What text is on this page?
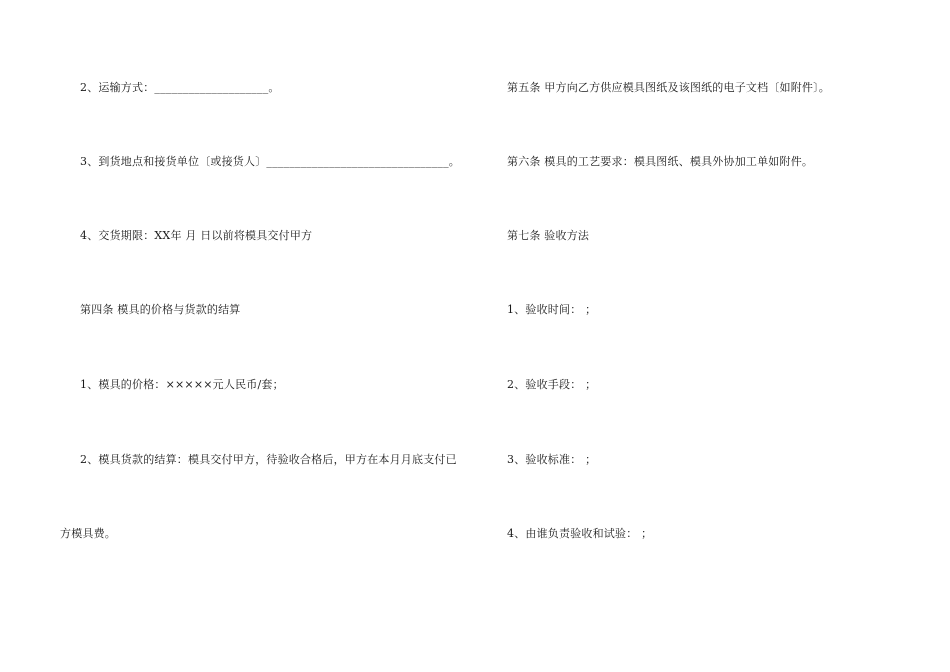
2、运输方式：____________________。
3、到货地点和接货单位〔或接货人〕________________________________。
4、交货期限：XX年 月 日以前将模具交付甲方
第四条 模具的价格与货款的结算
1、模具的价格：×××××元人民币/套；
2、模具货款的结算：模具交付甲方，待验收合格后，甲方在本月月底支付已
方模具费。
第五条 甲方向乙方供应模具图纸及该图纸的电子文档〔如附件〕。
第六条 模具的工艺要求：模具图纸、模具外协加工单如附件。
第七条 验收方法
1、验收时间： ；
2、验收手段： ；
3、验收标准： ；
4、由谁负责验收和试验： ；
